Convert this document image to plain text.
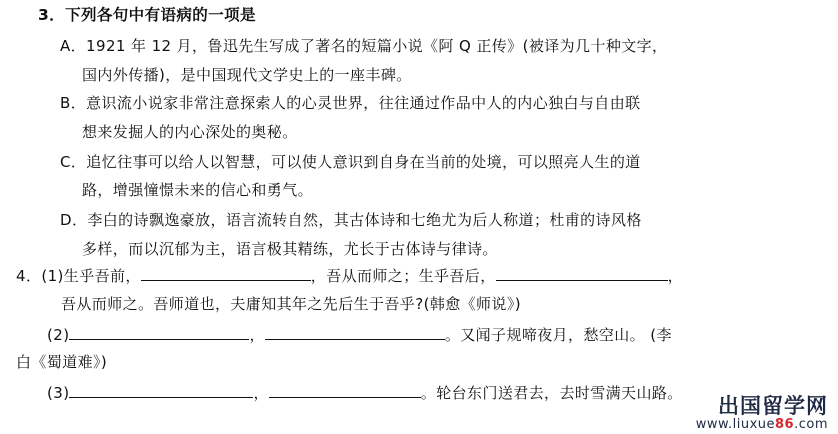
3．下列各句中有语病的一项是
A．1921 年 12 月，鲁迅先生写成了著名的短篇小说《阿 Q 正传》(被译为几十种文字，
国内外传播)，是中国现代文学史上的一座丰碑。
B．意识流小说家非常注意探索人的心灵世界，往往通过作品中人的内心独白与自由联
想来发掘人的内心深处的奥秘。
C．追忆往事可以给人以智慧，可以使人意识到自身在当前的处境，可以照亮人生的道
路，增强憧憬未来的信心和勇气。
D．李白的诗飘逸豪放，语言流转自然，其古体诗和七绝尤为后人称道；杜甫的诗风格
多样，而以沉郁为主，语言极其精练，尤长于古体诗与律诗。
4．(1)生乎吾前，	，吾从而师之；生乎吾后，	，
吾从而师之。吾师道也，夫庸知其年之先后生于吾乎?(韩愈《师说》)
(2)	，	。又闻子规啼夜月，愁空山。 (李
白《蜀道难》)
(3)	，	。轮台东门送君去，去时雪满天山路。
出国留学网
www.liuxue86.com
